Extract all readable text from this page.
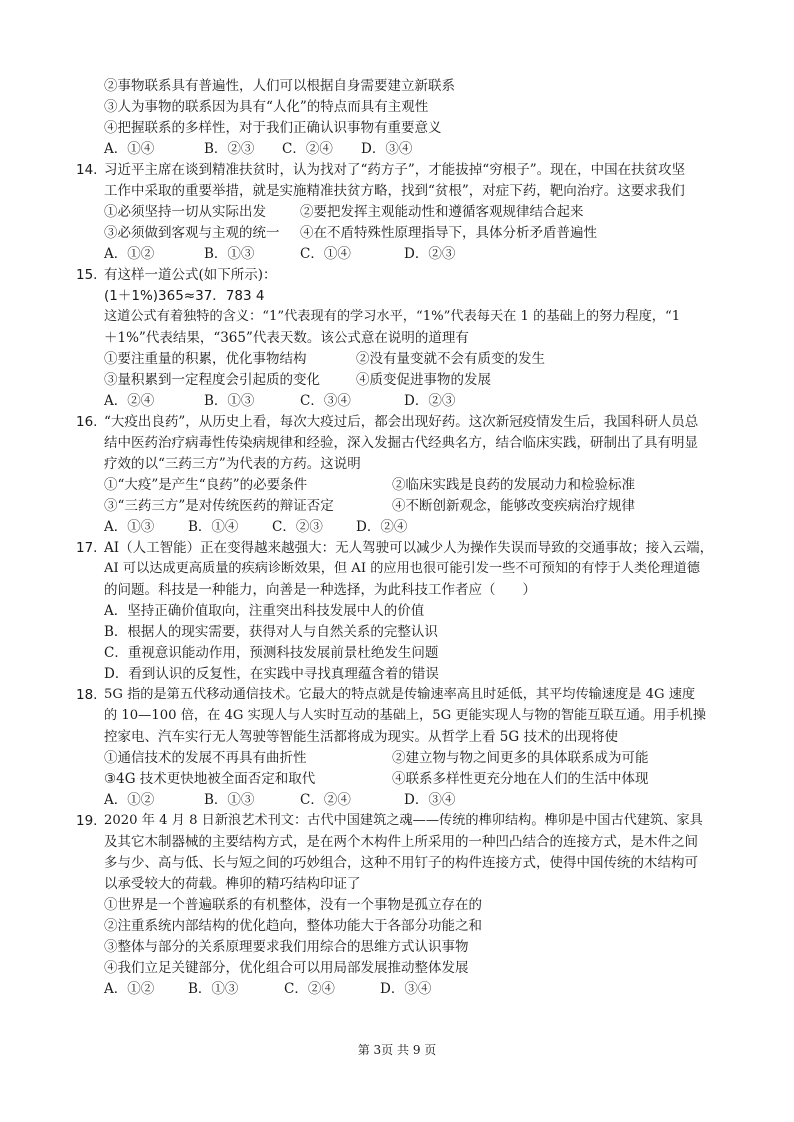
②事物联系具有普遍性，人们可以根据自身需要建立新联系
③人为事物的联系因为具有“人化”的特点而具有主观性
④把握联系的多样性，对于我们正确认识事物有重要意义
A．①④	B．②③ C．②④ D．③④
14. 习近平主席在谈到精准扶贫时，认为找对了“药方子”，才能拔掉“穷根子”。现在，中国在扶贫攻坚
工作中采取的重要举措，就是实施精准扶贫方略，找到“贫根”，对症下药，靶向治疗。这要求我们
①必须坚持一切从实际出发	②要把发挥主观能动性和遵循客观规律结合起来
③必须做到客观与主观的统一 ④在不盾特殊性原理指导下，具体分析矛盾普遍性
A．①②	B．①③	C．①④	D．②③
15. 有这样一道公式(如下所示)：
(1＋1%)365≈37．783 4
这道公式有着独特的含义：“1”代表现有的学习水平，“1%”代表每天在 1 的基础上的努力程度，“1
＋1%”代表结果，“365”代表天数。该公式意在说明的道理有
①要注重量的积累，优化事物结构	②没有量变就不会有质变的发生
③量积累到一定程度会引起质的变化	④质变促进事物的发展
A．②④	B．①③	C．③④	D．②③
16. “大疫出良药”，从历史上看，每次大疫过后，都会出现好药。这次新冠疫情发生后，我国科研人员总
结中医药治疗病毒性传染病规律和经验，深入发掘古代经典名方，结合临床实践，研制出了具有明显
疗效的以“三药三方”为代表的方药。这说明
①“大疫”是产生“良药”的必要条件	②临床实践是良药的发展动力和检验标准
③“三药三方”是对传统医药的辩证否定	④不断创新观念，能够改变疾病治疗规律
A．①③	B．①④ C．②③ D．②④
17. AI（人工智能）正在变得越来越强大：无人驾驶可以减少人为操作失误而导致的交通事故；接入云端，
AI 可以达成更高质量的疾病诊断效果，但 AI 的应用也很可能引发一些不可预知的有悖于人类伦理道德
的问题。科技是一种能力，向善是一种选择，为此科技工作者应（　　）
A．坚持正确价值取向，注重突出科技发展中人的价值
B．根据人的现实需要，获得对人与自然关系的完整认识
C．重视意识能动作用，预测科技发展前景杜绝发生问题
D．看到认识的反复性，在实践中寻找真理蕴含着的错误
18. 5G 指的是第五代移动通信技术。它最大的特点就是传输速率高且时延低，其平均传输速度是 4G 速度
的 10—100 倍，在 4G 实现人与人实时互动的基础上，5G 更能实现人与物的智能互联互通。用手机操
控家电、汽车实行无人驾驶等智能生活都将成为现实。从哲学上看 5G 技术的出现将使
①通信技术的发展不再具有曲折性	②建立物与物之间更多的具体联系成为可能
③4G 技术更快地被全面否定和取代	④联系多样性更充分地在人们的生活中体现
A．①②	B．①③	C．②④	D．③④
19. 2020 年 4 月 8 日新浪艺术刊文：古代中国建筑之魂——传统的榫卯结构。榫卯是中国古代建筑、家具
及其它木制器械的主要结构方式，是在两个木构件上所采用的一种凹凸结合的连接方式，是木件之间
多与少、高与低、长与短之间的巧妙组合，这种不用钉子的构件连接方式，使得中国传统的木结构可
以承受较大的荷载。榫卯的精巧结构印证了
①世界是一个普遍联系的有机整体，没有一个事物是孤立存在的
②注重系统内部结构的优化趋向，整体功能大于各部分功能之和
③整体与部分的关系原理要求我们用综合的思维方式认识事物
④我们立足关键部分，优化组合可以用局部发展推动整体发展
A．①②	B．①③	C．②④	D．③④
第 3页 共 9 页
